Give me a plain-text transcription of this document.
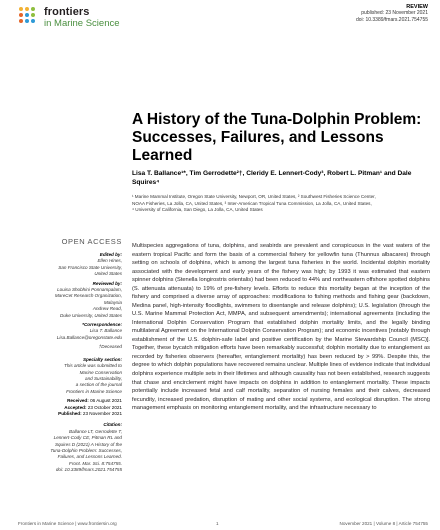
frontiers
in Marine Science
REVIEW
published: 23 November 2021
doi: 10.3389/fmars.2021.754755
A History of the Tuna-Dolphin Problem: Successes, Failures, and Lessons Learned
Lisa T. Ballance¹*, Tim Gerrodette²†, Cleridy E. Lennert-Cody³, Robert L. Pitman¹ and Dale Squires⁴
¹ Marine Mammal Institute, Oregon State University, Newport, OR, United States, ² Southwest Fisheries Science Center,
NOAA Fisheries, La Jolla, CA, United States, ³ Inter-American Tropical Tuna Commission, La Jolla, CA, United States,
⁴ University of California, San Diego, La Jolla, CA, United States
OPEN ACCESS
Edited by:
Ellen Hines,
San Francisco State University,
United States
Reviewed by:
Louisa Shobhini Ponnampalam,
MareCet Research Organization,
Malaysia
Andrew Read,
Duke University, United States
*Correspondence:
Lisa T. Ballance
Lisa.Ballance@oregonstate.edu
†Deceased
Specialty section:
This article was submitted to
Marine Conservation
and Sustainability,
a section of the journal
Frontiers in Marine Science
Received: 06 August 2021
Accepted: 23 October 2021
Published: 23 November 2021
Citation:
Ballance LT, Gerrodette T,
Lennert-Cody CE, Pitman RL and
Squires D (2021) A History of the
Tuna-Dolphin Problem: Successes,
Failures, and Lessons Learned.
Front. Mar. Sci. 8:754755.
doi: 10.3389/fmars.2021.754755

Multispecies aggregations of tuna, dolphins, and seabirds are prevalent and conspicuous in the vast waters of the eastern tropical Pacific and form the basis of a commercial fishery for yellowfin tuna (Thunnus albacares) through setting on schools of dolphins, which is among the largest tuna fisheries in the world. Incidental dolphin mortality associated with the development and early years of the fishery was high; by 1993 it was estimated that eastern spinner dolphins (Stenella longirostris orientalis) had been reduced to 44% and northeastern offshore spotted dolphins (S. attenuata attenuata) to 19% of pre-fishery levels. Efforts to reduce this mortality began at the inception of the fishery and comprised a diverse array of approaches: modifications to fishing methods and fishing gear (backdown, Medina panel, high-intensity floodlights, swimmers to disentangle and release dolphins); U.S. legislation (through the U.S. Marine Mammal Protection Act, MMPA, and subsequent amendments); international agreements (including the International Dolphin Conservation Program that established dolphin mortality limits, and the legally binding multilateral Agreement on the International Dolphin Conservation Program); and economic incentives [notably through establishment of the U.S. dolphin-safe label and positive certification by the Marine Stewardship Council (MSC)]. Together, these bycatch mitigation efforts have been remarkably successful; dolphin mortality due to entanglement as recorded by fisheries observers (hereafter, entanglement mortality) has been reduced by > 99%. Despite this, the degree to which dolphin populations have recovered remains unclear. Multiple lines of evidence indicate that individual dolphins experience multiple sets in their lifetimes and although causality has not been established, research suggests that chase and encirclement might have impacts on dolphins in addition to entanglement mortality. These impacts potentially include increased fetal and calf mortality, separation of nursing females and their calves, decreased fecundity, increased predation, disruption of mating and other social systems, and ecological disruption. The strong management emphasis on monitoring entanglement mortality, and the infrastructure necessary to

Frontiers in Marine Science | www.frontiersin.org	1	November 2021 | Volume 8 | Article 754755
